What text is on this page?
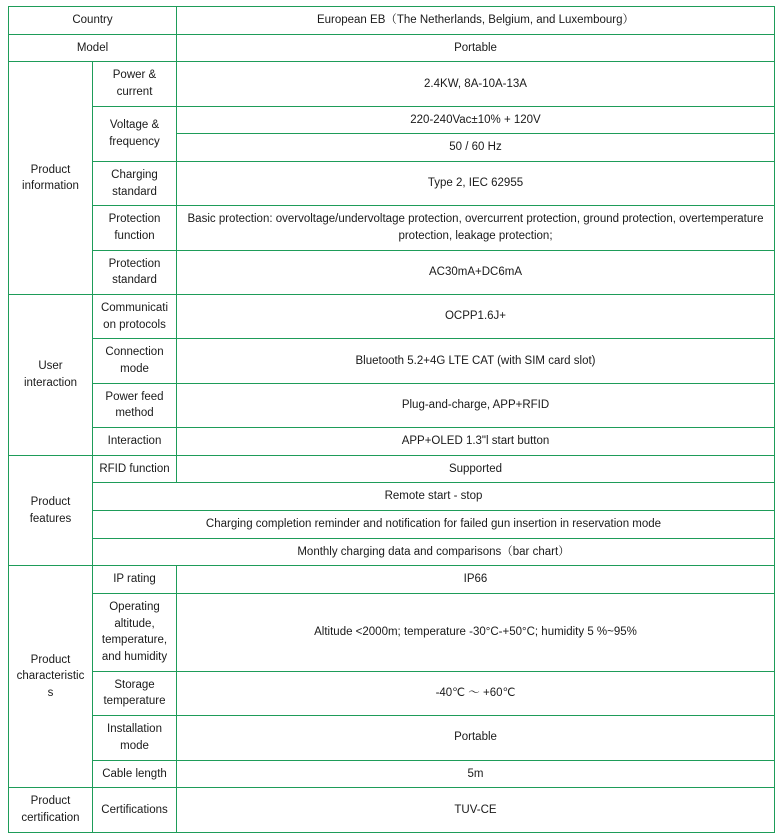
Country		European EB（The Netherlands, Belgium, and Luxembourg）
Model		Portable
Product information	Power & current	2.4KW, 8A-10A-13A
	Voltage & frequency	220-240Vac±10% + 120V
		50 / 60 Hz
	Charging standard	Type 2, IEC 62955
	Protection function	Basic protection: overvoltage/undervoltage protection, overcurrent protection, ground protection, overtemperature protection, leakage protection;
	Protection standard	AC30mA+DC6mA
User interaction	Communication protocols	OCPP1.6J+
	Connection mode	Bluetooth 5.2+4G LTE CAT (with SIM card slot)
	Power feed method	Plug-and-charge, APP+RFID
	Interaction	APP+OLED 1.3"l start button
Product features	RFID function	Supported
	Remote start - stop	
	Charging completion reminder and notification for failed gun insertion in reservation mode	
	Monthly charging data and comparisons（bar chart）	
Product characteristics	IP rating	IP66
	Operating altitude, temperature, and humidity	Altitude <2000m; temperature -30°C-+50°C; humidity 5 %~95%
	Storage temperature	-40℃ ～ +60℃
	Installation mode	Portable
	Cable length	5m
Product certification	Certifications	TUV-CE
